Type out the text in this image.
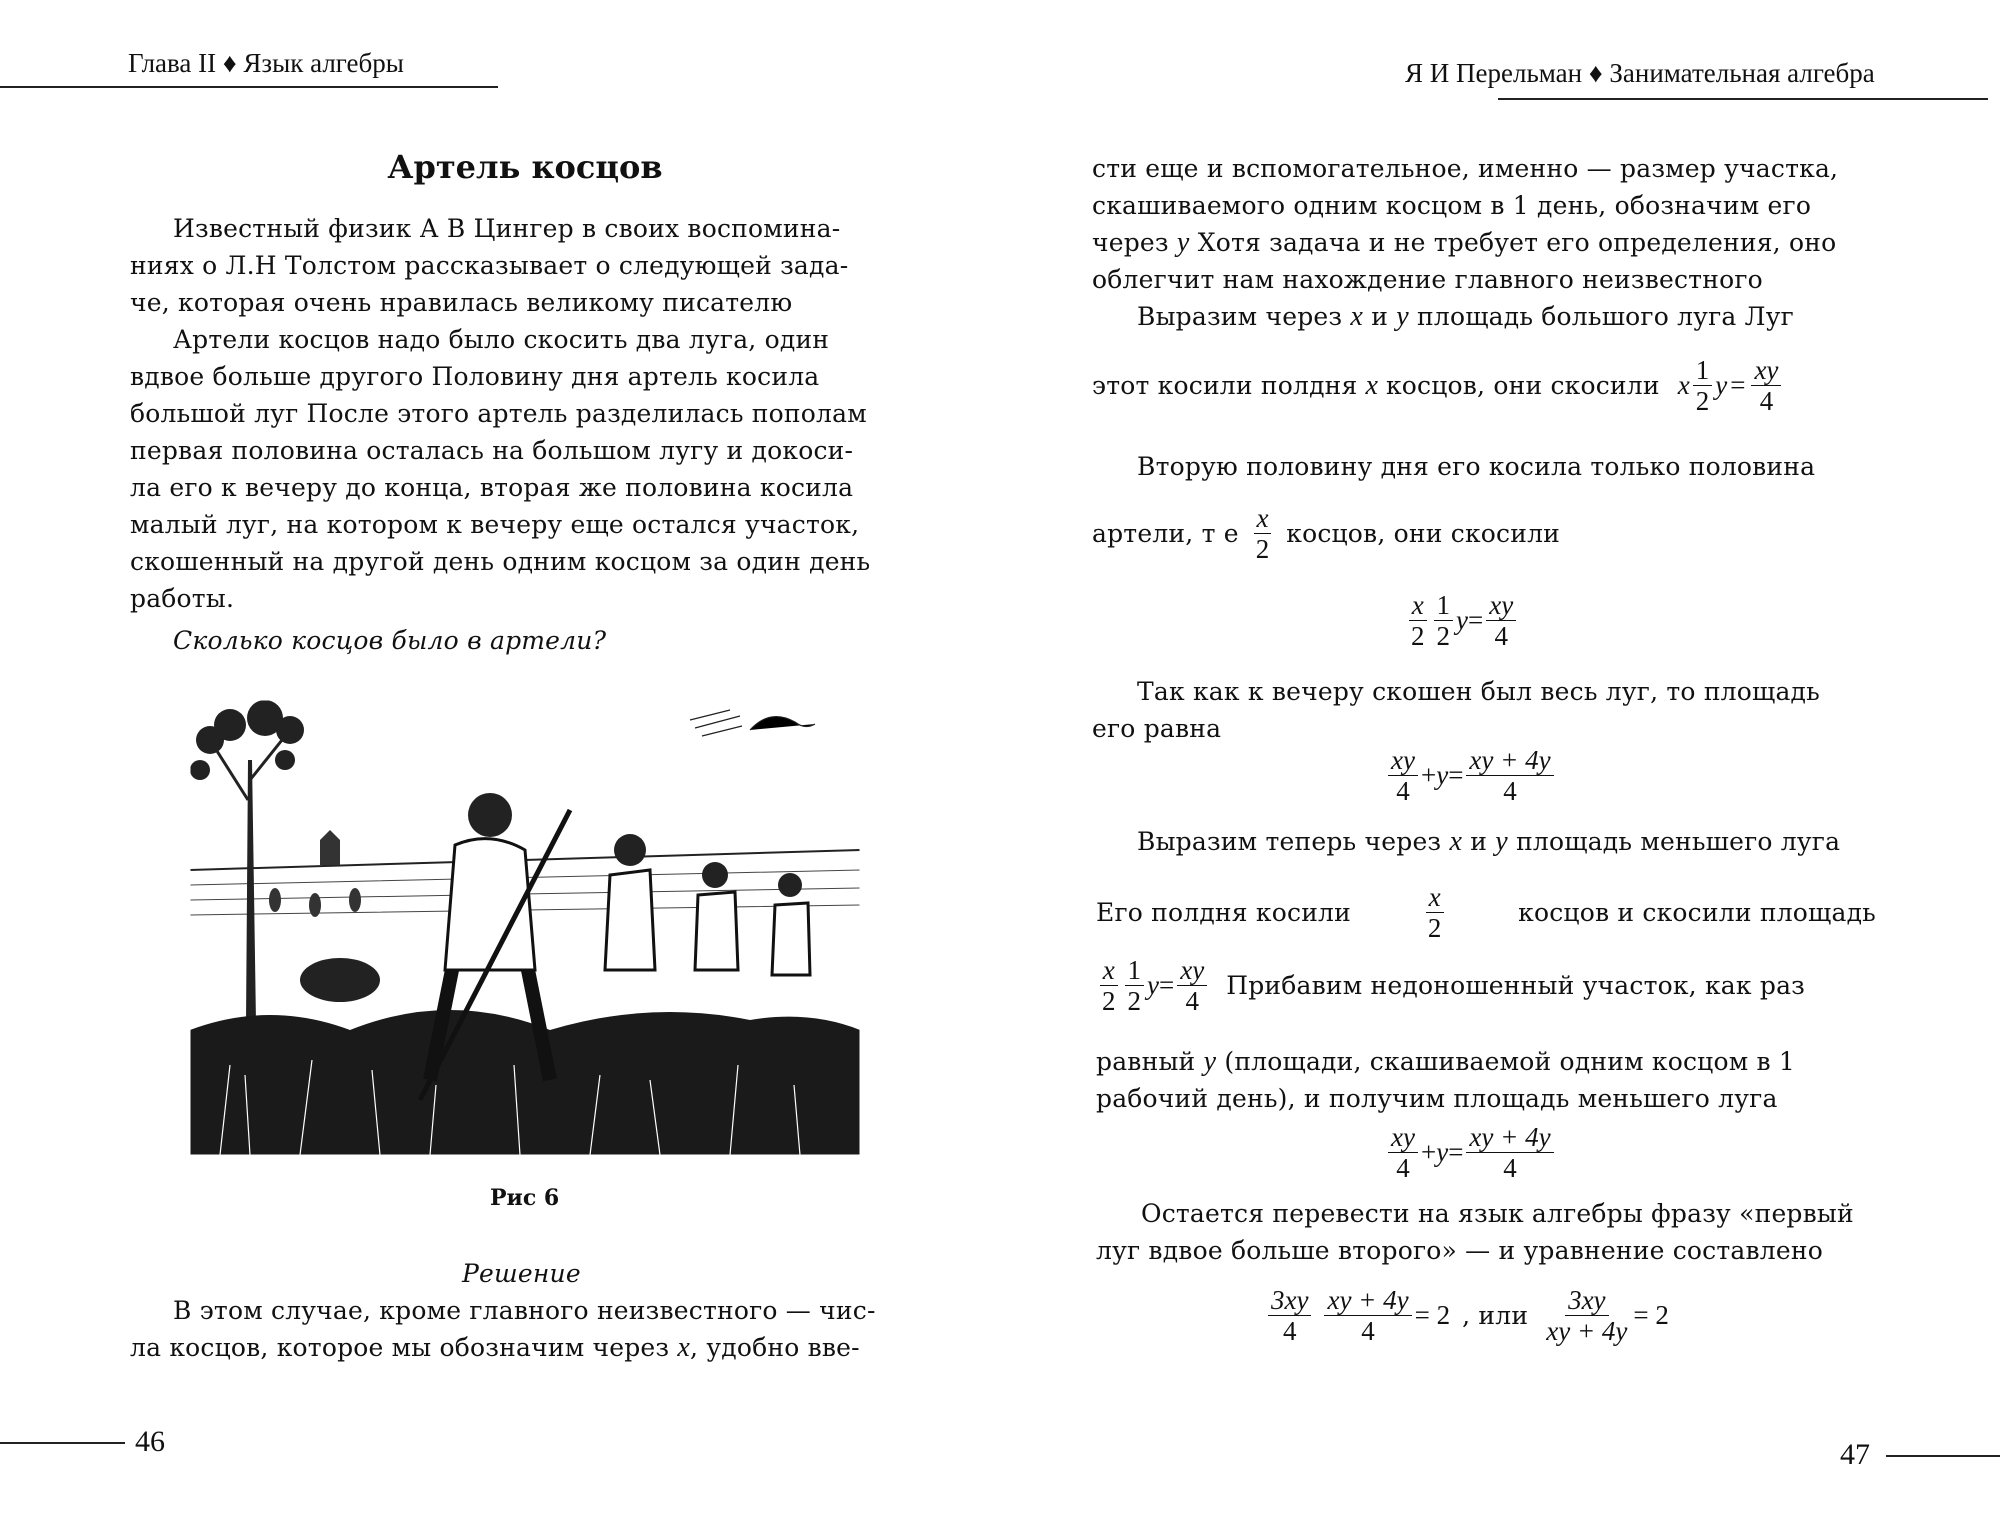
Глава II ♦ Язык алгебры
Артель косцов
Известный физик А В Цингер в своих воспомина-
ниях о Л.Н Толстом рассказывает о следующей зада-
че, которая очень нравилась великому писателю
Артели косцов надо было скосить два луга, один
вдвое больше другого Половину дня артель косила
большой луг После этого артель разделилась пополам
первая половина осталась на большом лугу и докоси-
ла его к вечеру до конца, вторая же половина косила
малый луг, на котором к вечеру еще остался участок,
скошенный на другой день одним косцом за один день
работы.
Сколько косцов было в артели?
Рис 6
Решение
В этом случае, кроме главного неизвестного — чис-
ла косцов, которое мы обозначим через x, удобно вве-
46
Я И Перельман ♦ Занимательная алгебра
сти еще и вспомогательное, именно — размер участка,
скашиваемого одним косцом в 1 день, обозначим его
через y Хотя задача и не требует его определения, оно
облегчит нам нахождение главного неизвестного
Выразим через x и y площадь большого луга Луг
этот косили полдня x косцов, они скосили x $\frac{1}{2}$ $y = \frac{xy}{4}$
Вторую половину дня его косила только половина
артели, т е $\frac{x}{2}$ косцов, они скосили
$\frac{x}{2} \frac{1}{2}$ $y = \frac{xy}{4}$
Так как к вечеру скошен был весь луг, то площадь
его равна
$\frac{xy}{4} + y = \frac{xy + 4y}{4}$
Выразим теперь через x и y площадь меньшего луга
Его полдня косили	$\frac{x}{2}$	косцов и скосили площадь
$\frac{x}{2} \frac{1}{2}$ $y = \frac{xy}{4}$ Прибавим недоношенный участок, как раз
равный y (площади, скашиваемой одним косцом в 1
рабочий день), и получим площадь меньшего луга
$\frac{xy}{4} + y = \frac{xy + 4y}{4}$
Остается перевести на язык алгебры фразу «первый
луг вдвое больше второго» — и уравнение составлено
$\frac{3xy}{4} \frac{xy + 4y}{4} = 2$ , или $\frac{3xy}{xy + 4y} = 2$
47
